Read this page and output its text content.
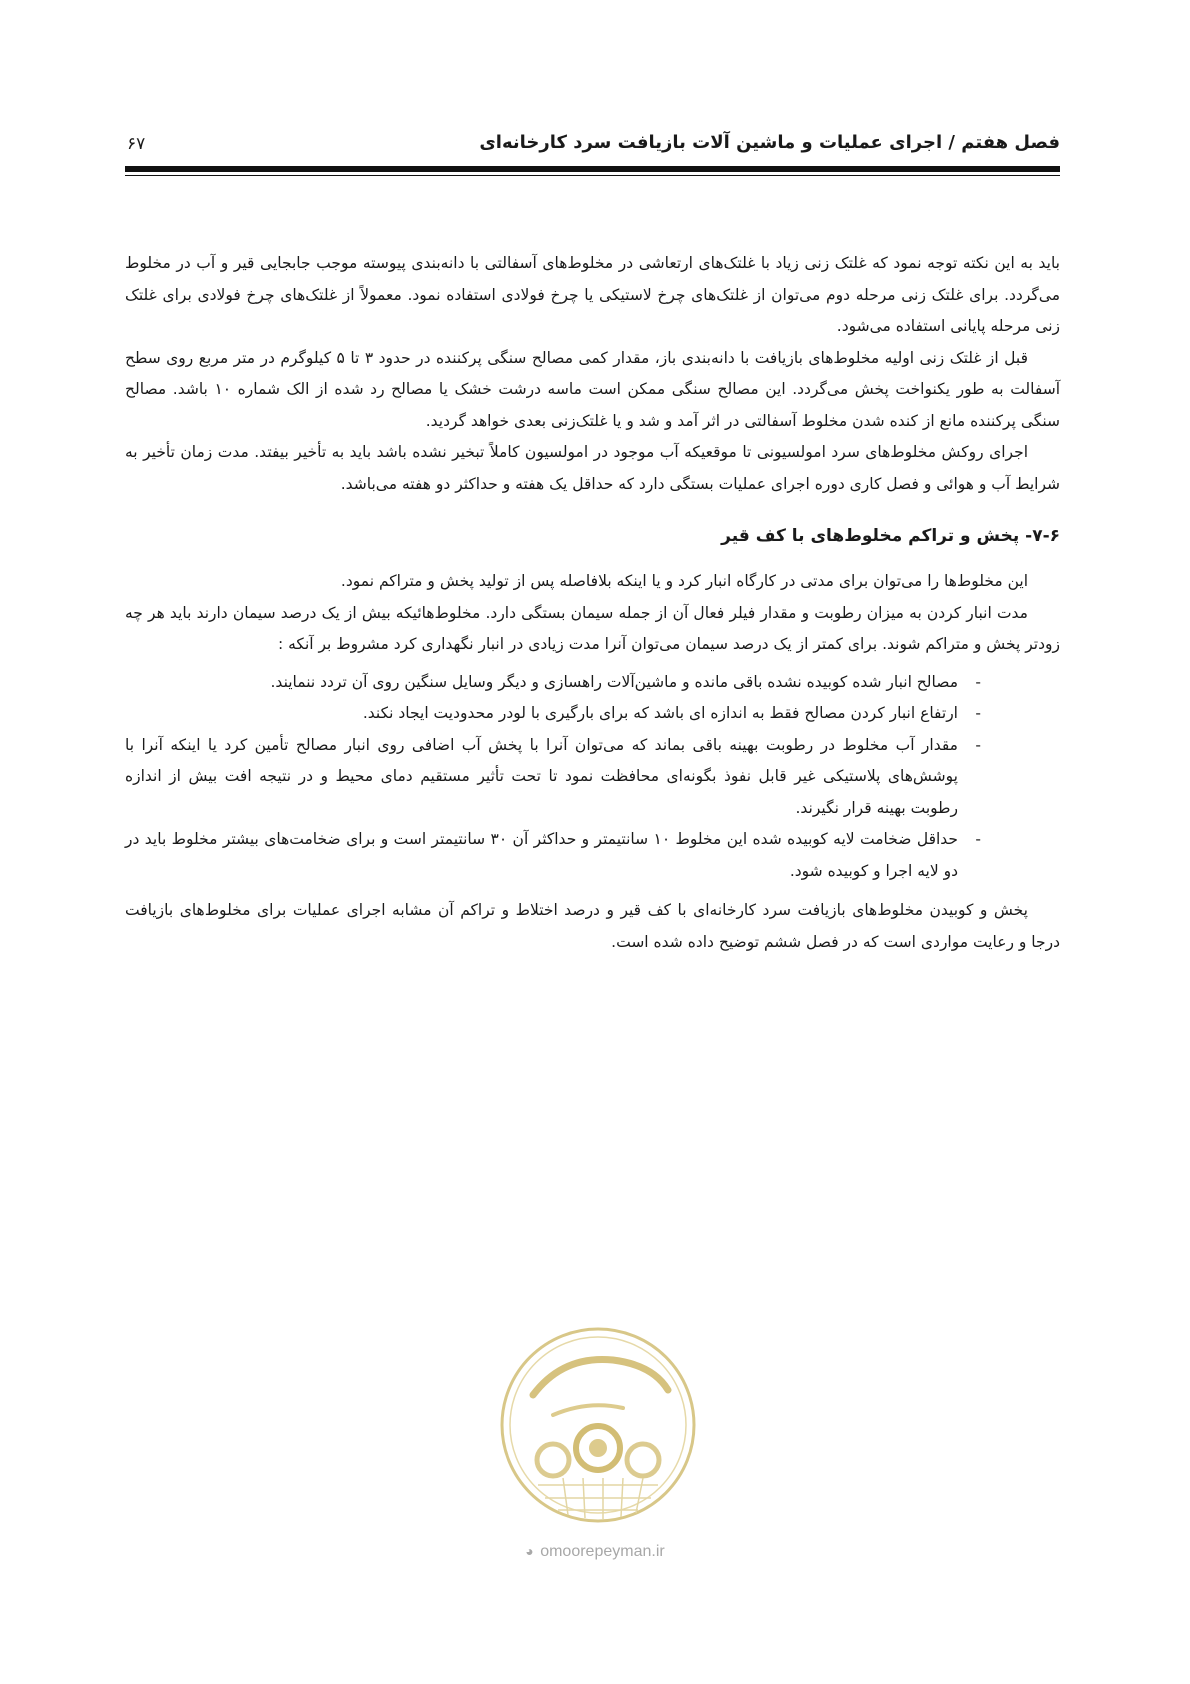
فصل هفتم / اجرای عملیات و ماشین آلات بازیافت سرد کارخانه‌ای
۶۷

باید به این نکته توجه نمود که غلتک زنی زیاد با غلتک‌های ارتعاشی در مخلوط‌های آسفالتی با دانه‌بندی پیوسته موجب جابجایی قیر و آب در مخلوط می‌گردد. برای غلتک زنی مرحله دوم می‌توان از غلتک‌های چرخ لاستیکی یا چرخ فولادی استفاده نمود. معمولاً از غلتک‌های چرخ فولادی برای غلتک زنی مرحله پایانی استفاده می‌شود.

قبل از غلتک زنی اولیه مخلوط‌های بازیافت با دانه‌بندی باز، مقدار کمی مصالح سنگی پرکننده در حدود ۳ تا ۵ کیلوگرم در متر مربع روی سطح آسفالت به طور یکنواخت پخش می‌گردد. این مصالح سنگی ممکن است ماسه درشت خشک یا مصالح رد شده از الک شماره ۱۰ باشد. مصالح سنگی پرکننده مانع از کنده شدن مخلوط آسفالتی در اثر آمد و شد و یا غلتک‌زنی بعدی خواهد گردید.

اجرای روکش مخلوط‌های سرد امولسیونی تا موقعیکه آب موجود در امولسیون کاملاً تبخیر نشده باشد باید به تأخیر بیفتد. مدت زمان تأخیر به شرایط آب و هوائی و فصل کاری دوره اجرای عملیات بستگی دارد که حداقل یک هفته و حداکثر دو هفته می‌باشد.

۷-۶- پخش و تراکم مخلوط‌های با کف قیر

این مخلوط‌ها را می‌توان برای مدتی در کارگاه انبار کرد و یا اینکه بلافاصله پس از تولید پخش و متراکم نمود.

مدت انبار کردن به میزان رطوبت و مقدار فیلر فعال آن از جمله سیمان بستگی دارد. مخلوط‌هائیکه بیش از یک درصد سیمان دارند باید هر چه زودتر پخش و متراکم شوند. برای کمتر از یک درصد سیمان می‌توان آنرا مدت زیادی در انبار نگهداری کرد مشروط بر آنکه :

-
مصالح انبار شده کوبیده نشده باقی مانده و ماشین‌آلات راهسازی و دیگر وسایل سنگین روی آن تردد ننمایند.
-
ارتفاع انبار کردن مصالح فقط به اندازه ای باشد که برای بارگیری با لودر محدودیت ایجاد نکند.
-
مقدار آب مخلوط در رطوبت بهینه باقی بماند که می‌توان آنرا با پخش آب اضافی روی انبار مصالح تأمین کرد یا اینکه آنرا با پوشش‌های پلاستیکی غیر قابل نفوذ بگونه‌ای محافظت نمود تا تحت تأثیر مستقیم دمای محیط و در نتیجه افت بیش از اندازه رطوبت بهینه قرار نگیرند.
-
حداقل ضخامت لایه کوبیده شده این مخلوط ۱۰ سانتیمتر و حداکثر آن ۳۰ سانتیمتر است و برای ضخامت‌های بیشتر مخلوط باید در دو لایه اجرا و کوبیده شود.

پخش و کوبیدن مخلوط‌های بازیافت سرد کارخانه‌ای با کف قیر و درصد اختلاط و تراکم آن مشابه اجرای عملیات برای مخلوط‌های بازیافت درجا و رعایت مواردی است که در فصل ششم توضیح داده شده است.

◕ omoorepeyman.ir
